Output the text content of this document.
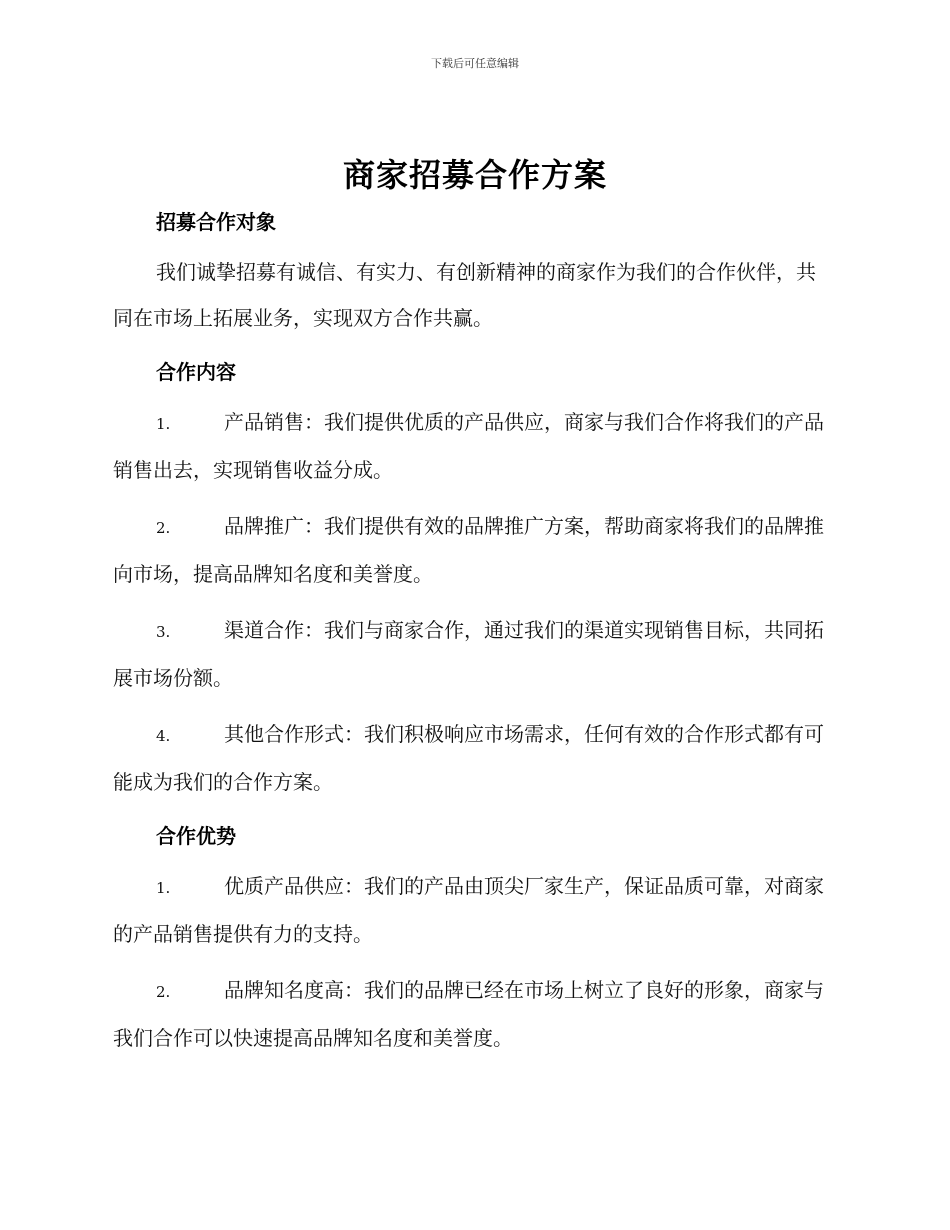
下载后可任意编辑
商家招募合作方案
招募合作对象

我们诚挚招募有诚信、有实力、有创新精神的商家作为我们的合作伙伴，共同在市场上拓展业务，实现双方合作共赢。

合作内容

1.	产品销售：我们提供优质的产品供应，商家与我们合作将我们的产品销售出去，实现销售收益分成。

2.	品牌推广：我们提供有效的品牌推广方案，帮助商家将我们的品牌推向市场，提高品牌知名度和美誉度。

3.	渠道合作：我们与商家合作，通过我们的渠道实现销售目标，共同拓展市场份额。

4.	其他合作形式：我们积极响应市场需求，任何有效的合作形式都有可能成为我们的合作方案。

合作优势

1.	优质产品供应：我们的产品由顶尖厂家生产，保证品质可靠，对商家的产品销售提供有力的支持。

2.	品牌知名度高：我们的品牌已经在市场上树立了良好的形象，商家与我们合作可以快速提高品牌知名度和美誉度。
